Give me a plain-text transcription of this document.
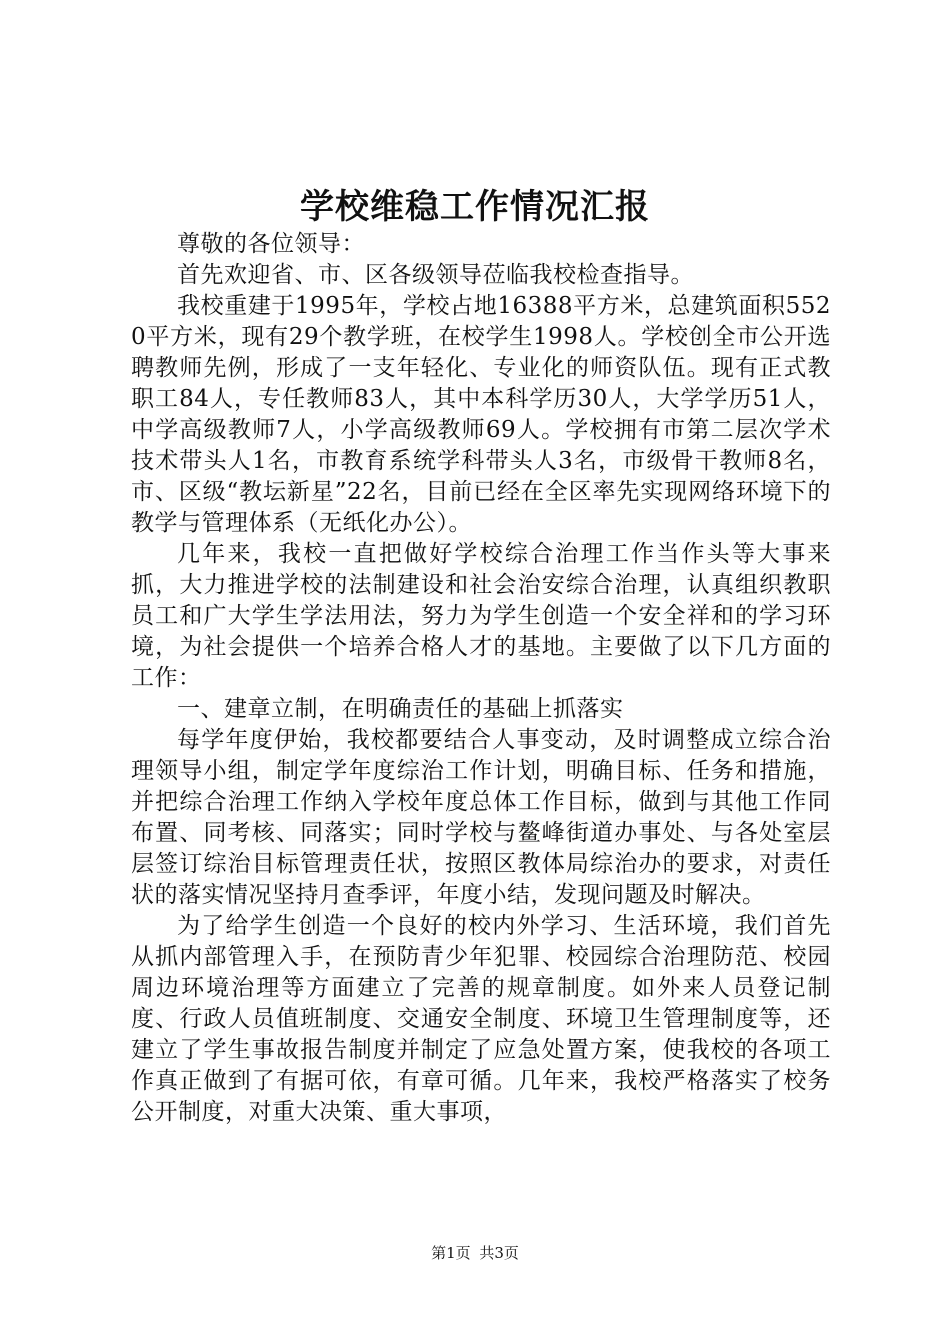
学校维稳工作情况汇报

尊敬的各位领导：

首先欢迎省、市、区各级领导莅临我校检查指导。

我校重建于1995年，学校占地16388平方米，总建筑面积5520平方米，现有29个教学班，在校学生1998人。学校创全市公开选聘教师先例，形成了一支年轻化、专业化的师资队伍。现有正式教职工84人，专任教师83人，其中本科学历30人，大学学历51人，中学高级教师7人，小学高级教师69人。学校拥有市第二层次学术技术带头人1名，市教育系统学科带头人3名，市级骨干教师8名，市、区级“教坛新星”22名，目前已经在全区率先实现网络环境下的教学与管理体系（无纸化办公）。

几年来，我校一直把做好学校综合治理工作当作头等大事来抓，大力推进学校的法制建设和社会治安综合治理，认真组织教职员工和广大学生学法用法，努力为学生创造一个安全祥和的学习环境，为社会提供一个培养合格人才的基地。主要做了以下几方面的工作：

一、建章立制，在明确责任的基础上抓落实

每学年度伊始，我校都要结合人事变动，及时调整成立综合治理领导小组，制定学年度综治工作计划，明确目标、任务和措施，并把综合治理工作纳入学校年度总体工作目标，做到与其他工作同布置、同考核、同落实；同时学校与鳌峰街道办事处、与各处室层层签订综治目标管理责任状，按照区教体局综治办的要求，对责任状的落实情况坚持月查季评，年度小结，发现问题及时解决。

为了给学生创造一个良好的校内外学习、生活环境，我们首先从抓内部管理入手，在预防青少年犯罪、校园综合治理防范、校园周边环境治理等方面建立了完善的规章制度。如外来人员登记制度、行政人员值班制度、交通安全制度、环境卫生管理制度等，还建立了学生事故报告制度并制定了应急处置方案，使我校的各项工作真正做到了有据可依，有章可循。几年来，我校严格落实了校务公开制度，对重大决策、重大事项，

第1页 共3页
